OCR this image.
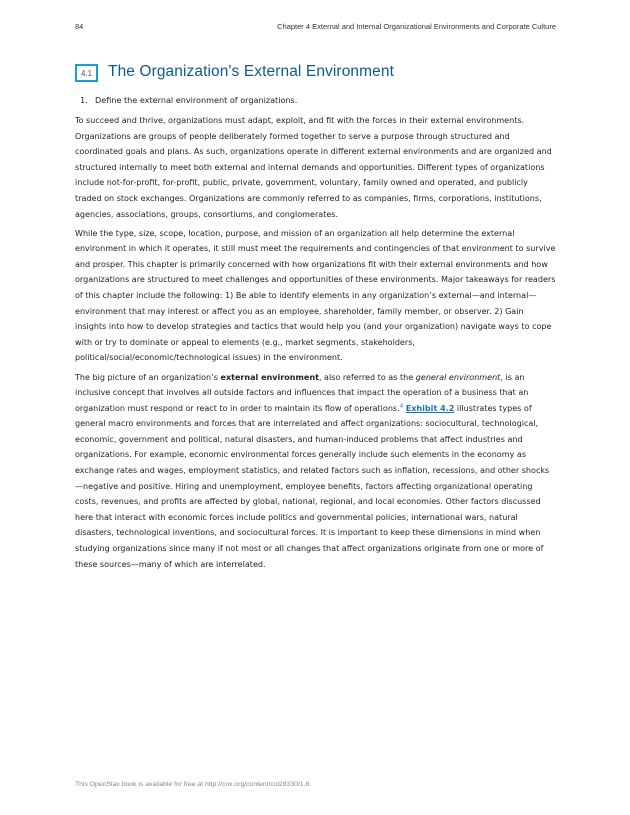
84	Chapter 4 External and Internal Organizational Environments and Corporate Culture
4.1	The Organization's External Environment
1. Define the external environment of organizations.

To succeed and thrive, organizations must adapt, exploit, and fit with the forces in their external environments. Organizations are groups of people deliberately formed together to serve a purpose through structured and coordinated goals and plans. As such, organizations operate in different external environments and are organized and structured internally to meet both external and internal demands and opportunities. Different types of organizations include not-for-profit, for-profit, public, private, government, voluntary, family owned and operated, and publicly traded on stock exchanges. Organizations are commonly referred to as companies, firms, corporations, institutions, agencies, associations, groups, consortiums, and conglomerates.

While the type, size, scope, location, purpose, and mission of an organization all help determine the external environment in which it operates, it still must meet the requirements and contingencies of that environment to survive and prosper. This chapter is primarily concerned with how organizations fit with their external environments and how organizations are structured to meet challenges and opportunities of these environments. Major takeaways for readers of this chapter include the following: 1) Be able to identify elements in any organization’s external—and internal—environment that may interest or affect you as an employee, shareholder, family member, or observer. 2) Gain insights into how to develop strategies and tactics that would help you (and your organization) navigate ways to cope with or try to dominate or appeal to elements (e.g., market segments, stakeholders, political/social/economic/technological issues) in the environment.

The big picture of an organization’s external environment, also referred to as the general environment, is an inclusive concept that involves all outside factors and influences that impact the operation of a business that an organization must respond or react to in order to maintain its flow of operations.$^4$ Exhibit 4.2 illustrates types of general macro environments and forces that are interrelated and affect organizations: sociocultural, technological, economic, government and political, natural disasters, and human-induced problems that affect industries and organizations. For example, economic environmental forces generally include such elements in the economy as exchange rates and wages, employment statistics, and related factors such as inflation, recessions, and other shocks—negative and positive. Hiring and unemployment, employee benefits, factors affecting organizational operating costs, revenues, and profits are affected by global, national, regional, and local economies. Other factors discussed here that interact with economic forces include politics and governmental policies, international wars, natural disasters, technological inventions, and sociocultural forces. It is important to keep these dimensions in mind when studying organizations since many if not most or all changes that affect organizations originate from one or more of these sources—many of which are interrelated.

This OpenStax book is available for free at http://cnx.org/content/col28330/1.8
